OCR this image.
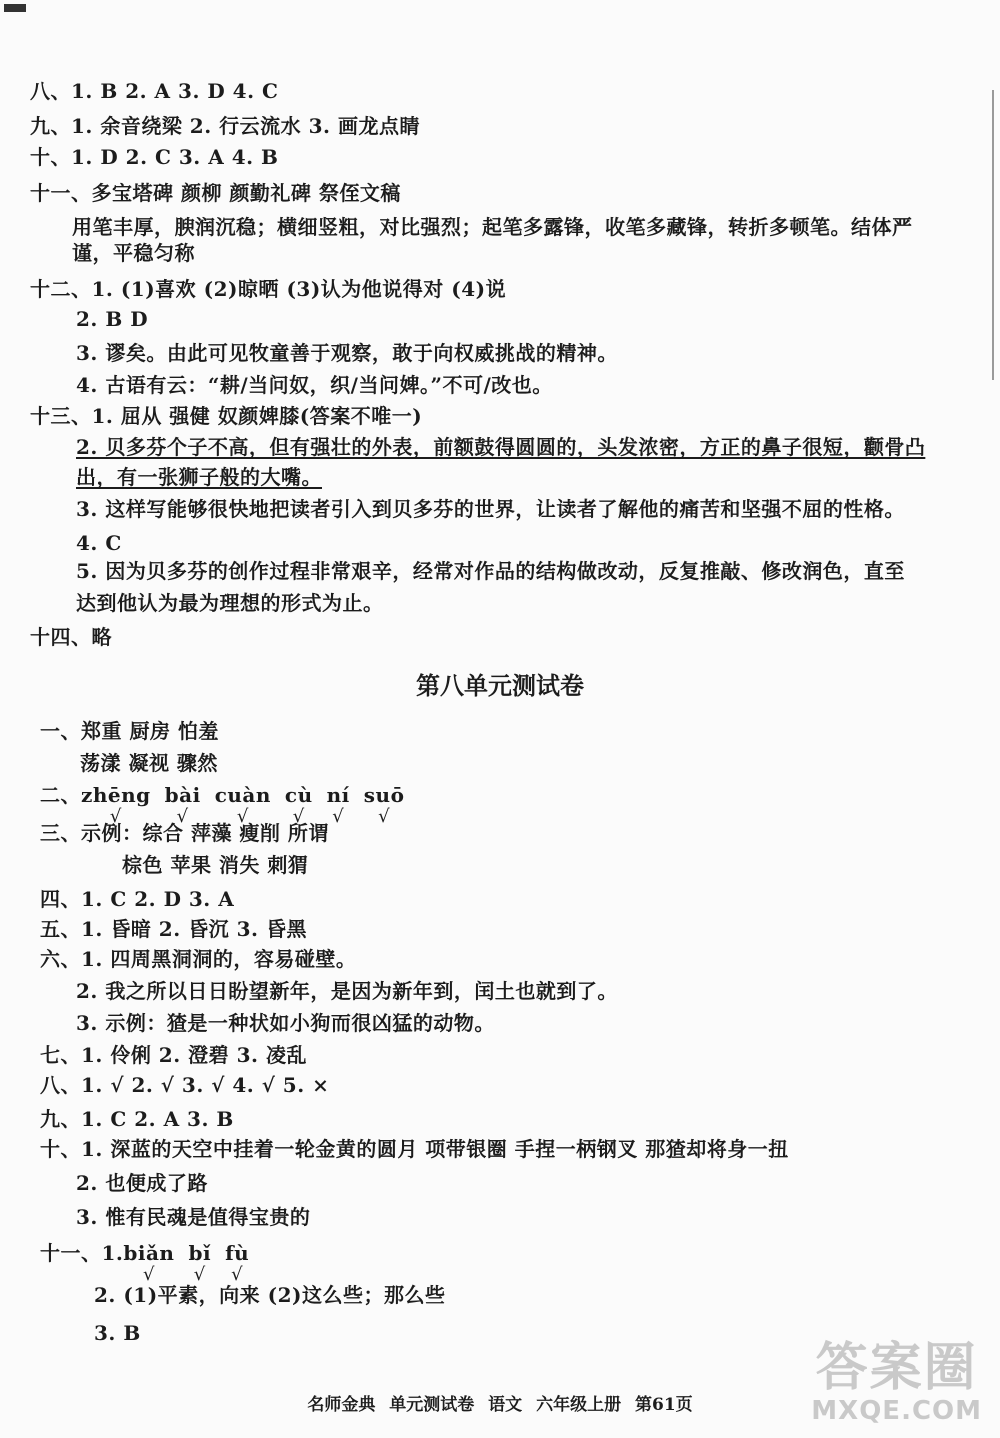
八、1. B 2. A 3. D 4. C
九、1. 余音绕梁 2. 行云流水 3. 画龙点睛
十、1. D 2. C 3. A 4. B
十一、多宝塔碑 颜柳 颜勤礼碑 祭侄文稿
用笔丰厚，腴润沉稳；横细竖粗，对比强烈；起笔多露锋，收笔多藏锋，转折多顿笔。结体严
谨，平稳匀称
十二、1. (1)喜欢 (2)晾晒 (3)认为他说得对 (4)说
2. B D
3. 谬矣。由此可见牧童善于观察，敢于向权威挑战的精神。
4. 古语有云：“耕/当问奴，织/当问婢。”不可/改也。
十三、1. 屈从 强健 奴颜婢膝(答案不唯一)
2. 贝多芬个子不高，但有强壮的外表，前额鼓得圆圆的，头发浓密，方正的鼻子很短，颧骨凸
出，有一张狮子般的大嘴。
3. 这样写能够很快地把读者引入到贝多芬的世界，让读者了解他的痛苦和坚强不屈的性格。
4. C
5. 因为贝多芬的创作过程非常艰辛，经常对作品的结构做改动，反复推敲、修改润色，直至
达到他认为最为理想的形式为止。
十四、略
第八单元测试卷
一、郑重 厨房 怕羞
荡漾 凝视 骤然
二、zhēng
√
bài
√
cuàn
√
cù
√
ní
√
suō
√
三、示例：综合 萍藻 瘦削 所谓
棕色 苹果 消失 刺猬
四、1. C 2. D 3. A
五、1. 昏暗 2. 昏沉 3. 昏黑
六、1. 四周黑洞洞的，容易碰壁。
2. 我之所以日日盼望新年，是因为新年到，闰土也就到了。
3. 示例：猹是一种状如小狗而很凶猛的动物。
七、1. 伶俐 2. 澄碧 3. 凌乱
八、1. √ 2. √ 3. √ 4. √ 5. ×
九、1. C 2. A 3. B
十、1. 深蓝的天空中挂着一轮金黄的圆月 项带银圈 手捏一柄钢叉 那猹却将身一扭
2. 也便成了路
3. 惟有民魂是值得宝贵的
十一、1.biǎn
√
bǐ
√
fù
√
2. (1)平素，向来 (2)这么些；那么些
3. B
名师金典 单元测试卷 语文 六年级上册 第61页
答案圈
MXQE.COM
